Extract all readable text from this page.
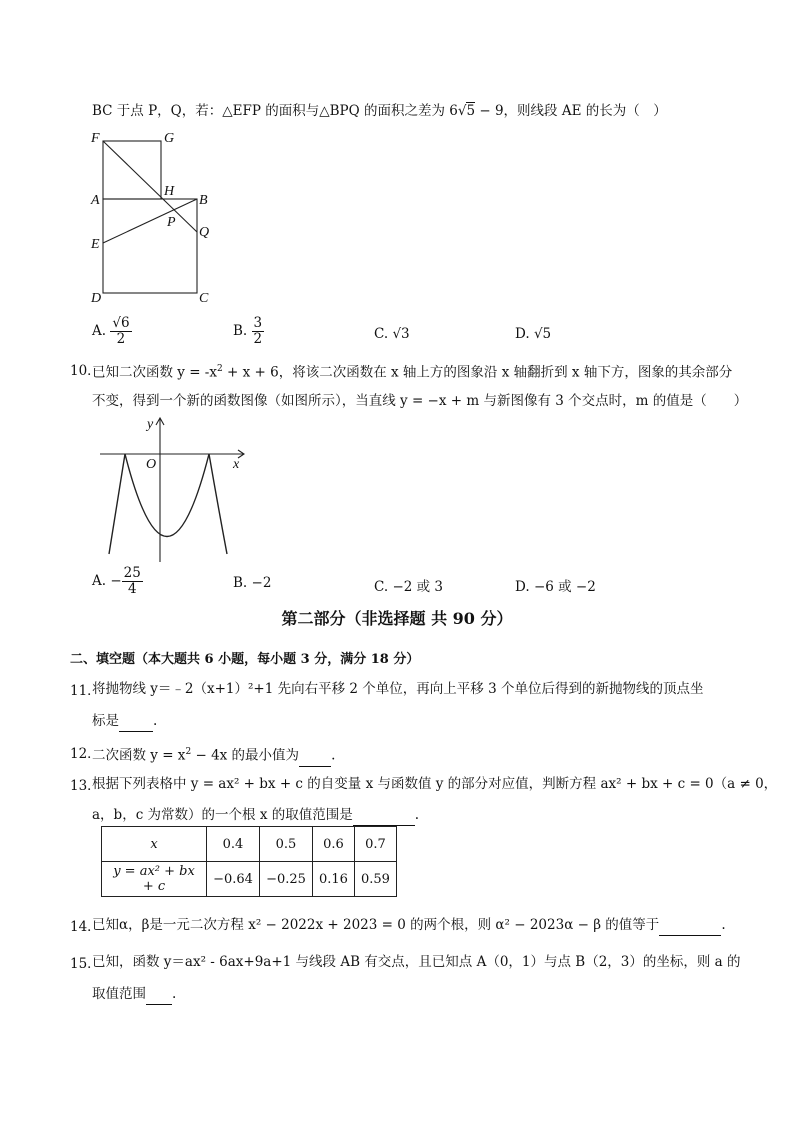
BC 于点 P，Q，若：△EFP 的面积与△BPQ 的面积之差为 6√5 − 9，则线段 AE 的长为（　）
F	G
H
A	B
P
E
Q
D	C
A. $\frac{√6}{2}$	B. $\frac{3}{2}$	C. √3	D. √5
10．
已知二次函数 $y = -x^2 + x + 6$，将该二次函数在 x 轴上方的图象沿 x 轴翻折到 x 轴下方，图象的其余部分
不变，得到一个新的函数图像（如图所示），当直线 y = −x + m 与新图像有 3 个交点时，m 的值是（　　）
y
x
O
A. − $\frac{25}{4}$	B. −2	C. −2 或 3	D. −6 或 −2
第二部分（非选择题 共 90 分）
二、填空题（本大题共 6 小题，每小题 3 分，满分 18 分）
11．
将抛物线 y＝﹣2（x+1）²+1 先向右平移 2 个单位，再向上平移 3 个单位后得到的新抛物线的顶点坐
标是	.
12．
二次函数 $y = x^2 - 4x$ 的最小值为 .
13．
根据下列表格中 y = ax² + bx + c 的自变量 x 与函数值 y 的部分对应值，判断方程 ax² + bx + c = 0（a ≠ 0，
a，b，c 为常数）的一个根 x 的取值范围是	.
x	0.4	0.5	0.6	0.7
y = ax² + bx + c	−0.64	−0.25	0.16	0.59
14．
已知α，β是一元二次方程 x² − 2022x + 2023 = 0 的两个根，则 α² − 2023α − β 的值等于	.
15．
已知，函数 y＝ax² - 6ax+9a+1 与线段 AB 有交点，且已知点 A（0，1）与点 B（2，3）的坐标，则 a 的
取值范围 .
